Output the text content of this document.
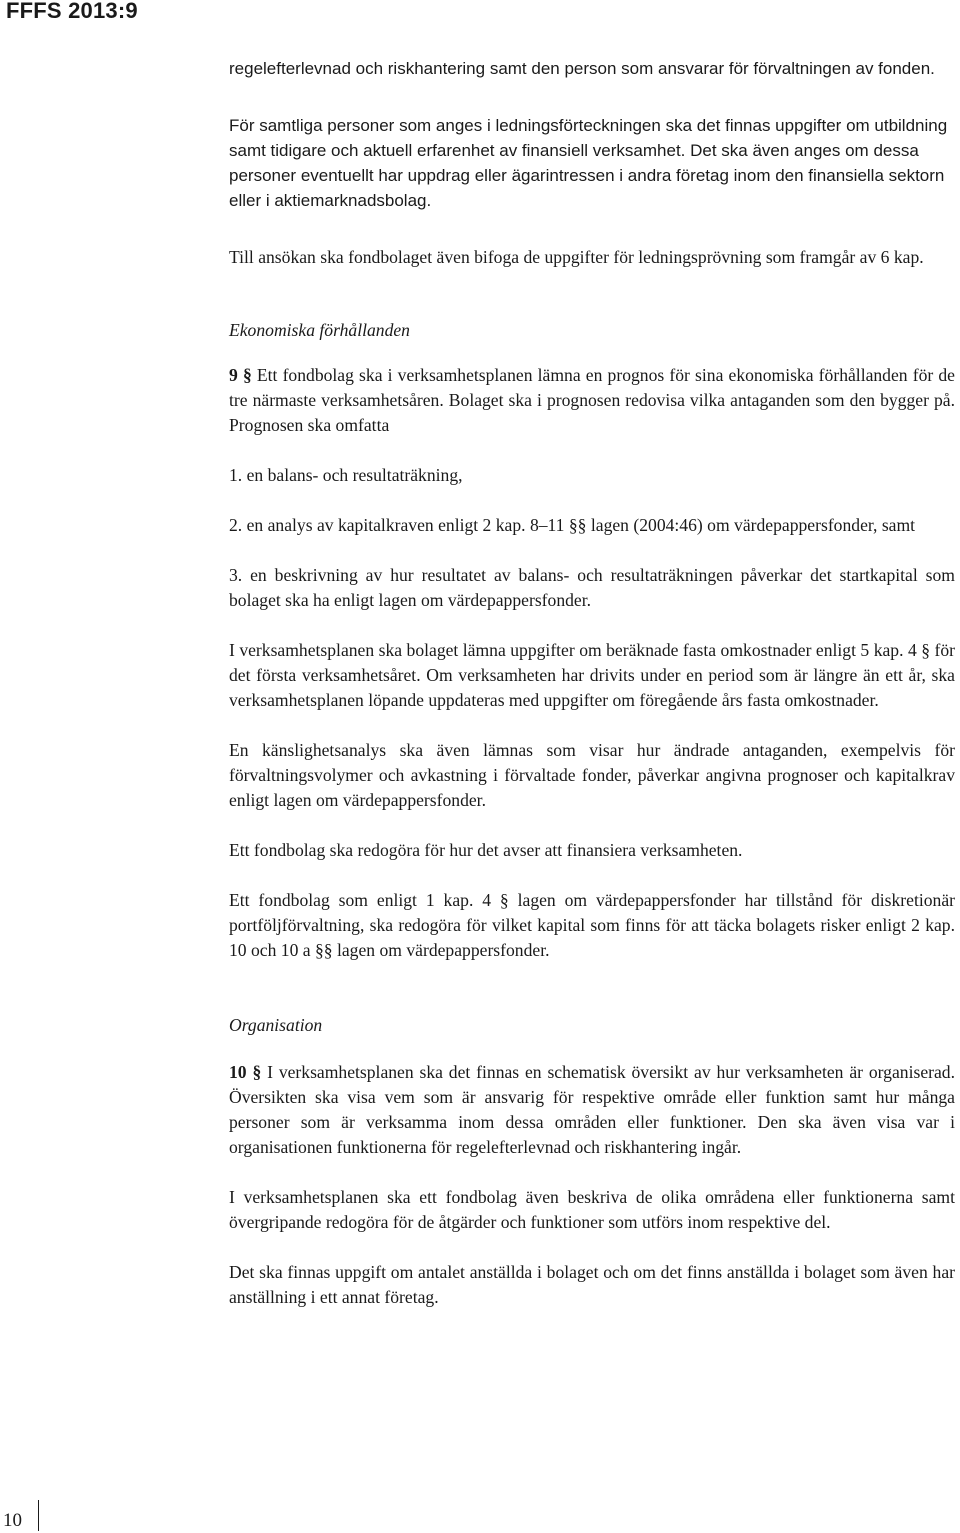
FFFS 2013:9

regelefterlevnad och riskhantering samt den person som ansvarar för förvaltningen av fonden.

För samtliga personer som anges i ledningsförteckningen ska det finnas uppgifter om utbildning samt tidigare och aktuell erfarenhet av finansiell verksamhet. Det ska även anges om dessa personer eventuellt har uppdrag eller ägarintressen i andra företag inom den finansiella sektorn eller i aktiemarknadsbolag.

Till ansökan ska fondbolaget även bifoga de uppgifter för ledningsprövning som framgår av 6 kap.

Ekonomiska förhållanden

9 § Ett fondbolag ska i verksamhetsplanen lämna en prognos för sina ekonomiska förhållanden för de tre närmaste verksamhetsåren. Bolaget ska i prognosen redovisa vilka antaganden som den bygger på. Prognosen ska omfatta

1. en balans- och resultaträkning,

2. en analys av kapitalkraven enligt 2 kap. 8–11 §§ lagen (2004:46) om värdepappersfonder, samt

3. en beskrivning av hur resultatet av balans- och resultaträkningen påverkar det startkapital som bolaget ska ha enligt lagen om värdepappersfonder.

I verksamhetsplanen ska bolaget lämna uppgifter om beräknade fasta omkostnader enligt 5 kap. 4 § för det första verksamhetsåret. Om verksamheten har drivits under en period som är längre än ett år, ska verksamhetsplanen löpande uppdateras med uppgifter om föregående års fasta omkostnader.

En känslighetsanalys ska även lämnas som visar hur ändrade antaganden, exempelvis för förvaltningsvolymer och avkastning i förvaltade fonder, påverkar angivna prognoser och kapitalkrav enligt lagen om värdepappersfonder.

Ett fondbolag ska redogöra för hur det avser att finansiera verksamheten.

Ett fondbolag som enligt 1 kap. 4 § lagen om värdepappersfonder har tillstånd för diskretionär portföljförvaltning, ska redogöra för vilket kapital som finns för att täcka bolagets risker enligt 2 kap. 10 och 10 a §§ lagen om värdepappersfonder.

Organisation

10 § I verksamhetsplanen ska det finnas en schematisk översikt av hur verksamheten är organiserad. Översikten ska visa vem som är ansvarig för respektive område eller funktion samt hur många personer som är verksamma inom dessa områden eller funktioner. Den ska även visa var i organisationen funktionerna för regelefterlevnad och riskhantering ingår.

I verksamhetsplanen ska ett fondbolag även beskriva de olika områdena eller funktionerna samt övergripande redogöra för de åtgärder och funktioner som utförs inom respektive del.

Det ska finnas uppgift om antalet anställda i bolaget och om det finns anställda i bolaget som även har anställning i ett annat företag.

10
